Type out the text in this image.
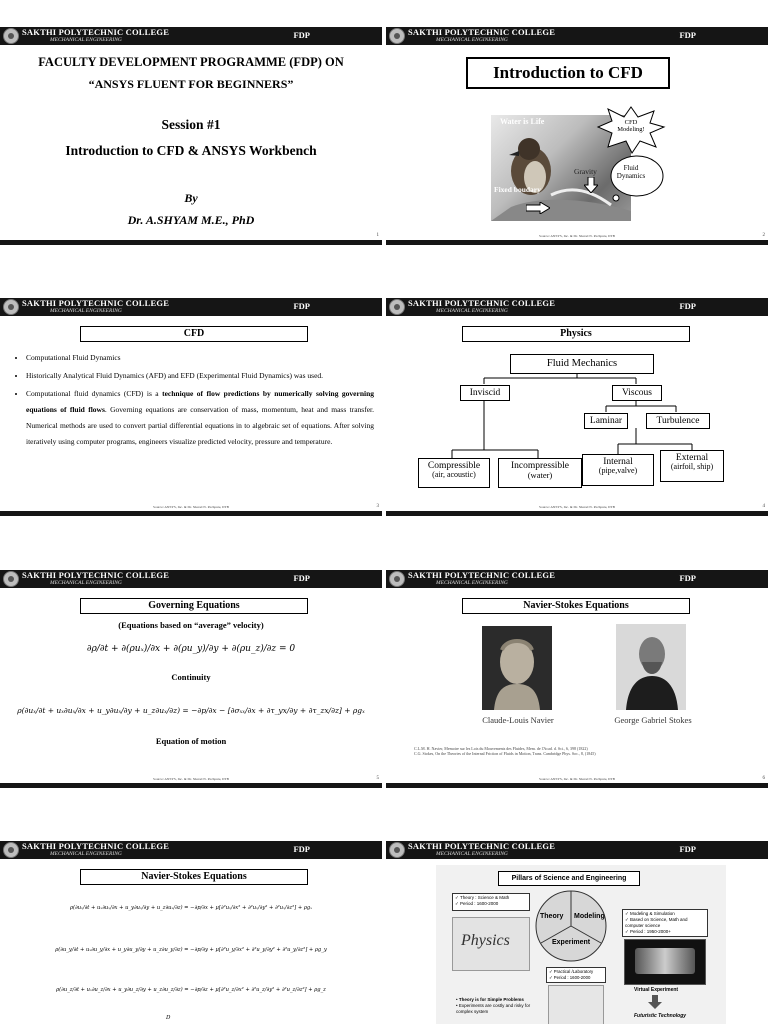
SAKTHI POLYTECHNIC COLLEGE
MECHANICAL ENGINEERING	FDP
FACULTY DEVELOPMENT PROGRAMME (FDP) ON
“ANSYS FLUENT FOR BEGINNERS”
Session #1
Introduction to CFD & ANSYS Workbench
By
Dr. A.SHYAM M.E., PhD
1
SAKTHI POLYTECHNIC COLLEGE
MECHANICAL ENGINEERING	FDP
Introduction to CFD
Water is Life	CFD Modeling!
Fluid Dynamics
Gravity
Fixed boudary
Source: ANSYS, Inc. & Dr. Sharad N. Pachpute, IITB	2
SAKTHI POLYTECHNIC COLLEGE
MECHANICAL ENGINEERING	FDP
CFD
• Computational Fluid Dynamics
• Historically Analytical Fluid Dynamics (AFD) and EFD (Experimental Fluid Dynamics) was used.
• Computational fluid dynamics (CFD) is a technique of flow predictions by numerically solving governing equations of fluid flows. Governing equations are conservation of mass, momentum, heat and mass transfer. Numerical methods are used to convert partial differential equations in to algebraic set of equations. After solving iteratively using computer programs, engineers visualize predicted velocity, pressure and temperature.
Source: ANSYS, Inc. & Dr. Sharad N. Pachpute, IITB	3
SAKTHI POLYTECHNIC COLLEGE
MECHANICAL ENGINEERING	FDP
Physics
Fluid Mechanics
Inviscid	Viscous
Laminar	Turbulence
Compressible
(air, acoustic)
Incompressible
(water)
Internal
(pipe,valve)
External
(airfoil, ship)
Source: ANSYS, Inc. & Dr. Sharad N. Pachpute, IITB	4
SAKTHI POLYTECHNIC COLLEGE
MECHANICAL ENGINEERING	FDP
Governing Equations
(Equations based on “average” velocity)
∂ρ/∂t + ∂(ρuₓ)/∂x + ∂(ρu_y)/∂y + ∂(ρu_z)/∂z = 0
Continuity
ρ(∂uₓ/∂t + uₓ∂uₓ/∂x + u_y∂uₓ/∂y + u_z∂uₓ/∂z) = −∂p/∂x − [∂σₓₓ/∂x + ∂τ_yx/∂y + ∂τ_zx/∂z] + ρgₓ
Equation of motion
Source: ANSYS, Inc. & Dr. Sharad N. Pachpute, IITB	5
SAKTHI POLYTECHNIC COLLEGE
MECHANICAL ENGINEERING	FDP
Navier-Stokes Equations
Claude-Louis Navier	George Gabriel Stokes
C.L.M. H. Navier, Memoire sur les Lois du Mouvements des Fluides, Mem. de l'Acad. d. Sci., 6, 398 (1822)
C.G. Stokes, On the Theories of the Internal Friction of Fluids in Motion, Trans. Cambridge Phys. Soc., 8, (1845)
Source: ANSYS, Inc. & Dr. Sharad N. Pachpute, IITB	6
SAKTHI POLYTECHNIC COLLEGE
MECHANICAL ENGINEERING	FDP
Navier-Stokes Equations
ρ(∂uₓ/∂t + uₓ∂uₓ/∂x + u_y∂uₓ/∂y + u_z∂uₓ/∂z) = −∂p/∂x + μ[∂²uₓ/∂x² + ∂²uₓ/∂y² + ∂²uₓ/∂z²] + ρgₓ
ρ(∂u_y/∂t + uₓ∂u_y/∂x + u_y∂u_y/∂y + u_z∂u_y/∂z) = −∂p/∂y + μ[∂²u_y/∂x² + ∂²u_y/∂y² + ∂²u_y/∂z²] + ρg_y
ρ(∂u_z/∂t + uₓ∂u_z/∂x + u_y∂u_z/∂y + u_z∂u_z/∂z) = −∂p/∂z + μ[∂²u_z/∂x² + ∂²u_z/∂y² + ∂²u_z/∂z²] + ρg_z
D
SAKTHI POLYTECHNIC COLLEGE
MECHANICAL ENGINEERING	FDP
Pillars of Science and Engineering
Theory Modeling
Experiment
✓ Theory : Science & Math
✓ Period : 1600-2000
Physics
✓ Modeling & Simulation
✓ Based on Science, Math and computer science
✓ Period : 1950-2000+
Virtual Experiment
Futuristic Technology
✓ Practical /Laboratory
✓ Period : 1600-2000
• Theory is for Simple Problems
• Experiments are costly and risky for complex system
